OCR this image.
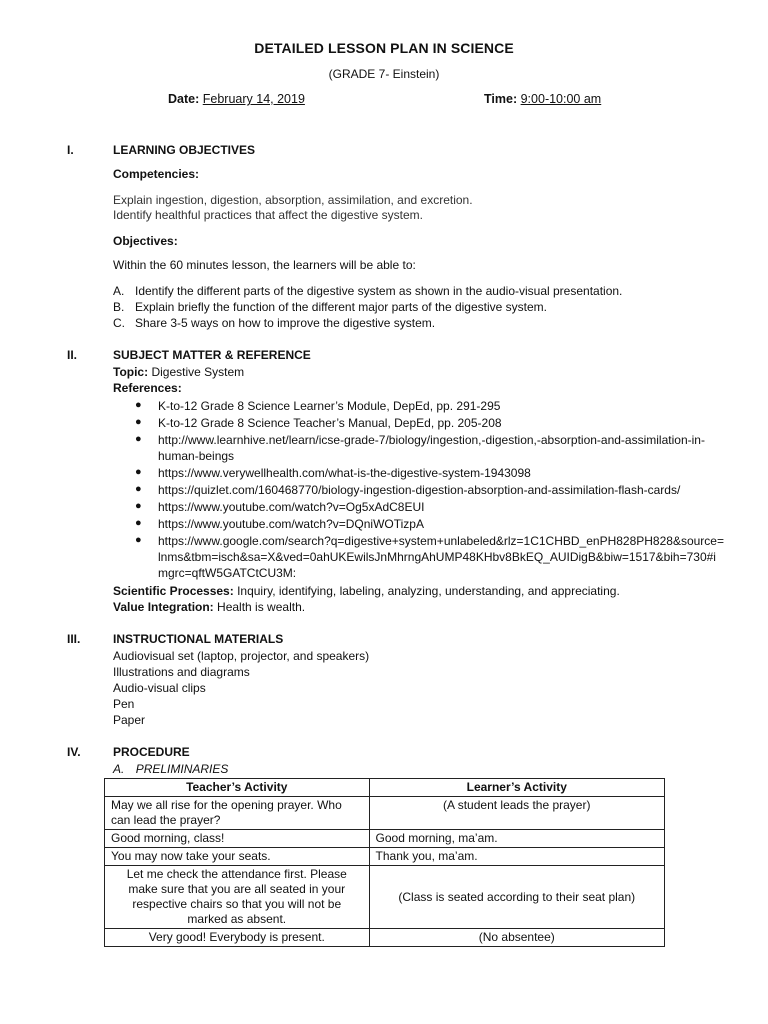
DETAILED LESSON PLAN IN SCIENCE
(GRADE 7- Einstein)
Date: February 14, 2019	Time: 9:00-10:00 am
I.	LEARNING OBJECTIVES
Competencies:
Explain ingestion, digestion, absorption, assimilation, and excretion.
Identify healthful practices that affect the digestive system.
Objectives:
Within the 60 minutes lesson, the learners will be able to:
A. Identify the different parts of the digestive system as shown in the audio-visual presentation.
B. Explain briefly the function of the different major parts of the digestive system.
C. Share 3-5 ways on how to improve the digestive system.
II.	SUBJECT MATTER & REFERENCE
Topic: Digestive System
References:
● K-to-12 Grade 8 Science Learner’s Module, DepEd, pp. 291-295
● K-to-12 Grade 8 Science Teacher’s Manual, DepEd, pp. 205-208
● http://www.learnhive.net/learn/icse-grade-7/biology/ingestion,-digestion,-absorption-and-assimilation-in-human-beings
● https://www.verywellhealth.com/what-is-the-digestive-system-1943098
● https://quizlet.com/160468770/biology-ingestion-digestion-absorption-and-assimilation-flash-cards/
● https://www.youtube.com/watch?v=Og5xAdC8EUI
● https://www.youtube.com/watch?v=DQniWOTizpA
● https://www.google.com/search?q=digestive+system+unlabeled&rlz=1C1CHBD_enPH828PH828&source=lnms&tbm=isch&sa=X&ved=0ahUKEwilsJnMhrngAhUMP48KHbv8BkEQ_AUIDigB&biw=1517&bih=730#imgrc=qftW5GATCtCU3M:
Scientific Processes: Inquiry, identifying, labeling, analyzing, understanding, and appreciating.
Value Integration: Health is wealth.
III.	INSTRUCTIONAL MATERIALS
Audiovisual set (laptop, projector, and speakers)
Illustrations and diagrams
Audio-visual clips
Pen
Paper
IV.	PROCEDURE
A. PRELIMINARIES
Teacher’s Activity	Learner’s Activity
May we all rise for the opening prayer. Who can lead the prayer?	(A student leads the prayer)
Good morning, class!	Good morning, ma’am.
You may now take your seats.	Thank you, ma’am.
Let me check the attendance first. Please make sure that you are all seated in your respective chairs so that you will not be marked as absent.	(Class is seated according to their seat plan)
Very good! Everybody is present.	(No absentee)
